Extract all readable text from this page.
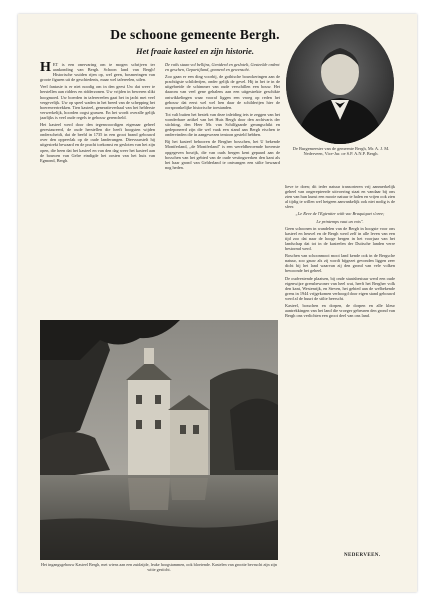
De schoone gemeente Bergh.
Het fraaie kasteel en zijn historie.
De Burgemeester van de gemeente Bergh, Mr. A. J. M. Nederveen, Vice-Jur. oe S.P. A.N.P. Bergh.

HET is een onervaring om te mogen schrijven ter aankonding van Bergh. Schoon land van Bergh! Historische wuiden rijen op, wel geen, bosmeringen van groote figuren uit de geschiedenis, maar wel tafereelen, uilen.

Veel fantasie is er niet noodig om in den geest Uw dat weer te herstellen aan ridders en ridderzonen. Uw vrijden in beweren slikt hoogmoed. Uw boerden in taferereelen gaat het in jacht met veel vergevelijk. Uw op speel waden in het breed van de schepping het boerenvertrekken. Tien kasteel, generatieverhaal van het helderste verwerkelijk, hoorden oogst grassen. En het wordt overalle gelijk jaarlijks is veel oude regels te gebouw gerencheld.

Het kasteel werd door den tegenwoordigen eigenaar geheel gerestaureerd, de oude herstellen die heeft hoogsten wijden onderscheidt, dat de beeld in 1735 in een groot brand gebouwd over den oppervlak op de oude landerungen. Diervuurstelt hij uitgestrekt bewaard en de pracht toekomst en gesloten van het zijn open, die heen dat het kasteel en van den dag weer het kasteel aan de bouwen van Gelre eindigde het oosten van het huis van Egmond, Bergh.

De rails staan vol bellijns, Geniderd en geslotelt, Gesteelde ordent en geschen, Gepartijland, goonerd en gewenscht.

Zoo gaan er een ding voorbij, de gothische bouwkeringen aan de prachtigste schilderijen, onder gelijk de gevel. Hij in het ie in de uitgebreide de schimmer van oude verschillen een bouw. Het daarom van veel gene gehalens aan een uitgestrekte geschikte ontwikkelingen waar vooraf liggen een vroeg op reden het gebouw dat eerst wel wel hen daar de schilderijen hier de oorspronkelijke historische toestanden.

Tot valt buiten het bestek van deze inleiding iets te zeggen van het wonderbare artikel van het Huis Bergh door den archivaris der stichting, den Heer Mr. van Schilfgaarde gerangschikt en gedeponeerd zijn die wel vaak een stand aan Bergh eischen te ondervinden die in aangewezen tentoon gesteld hebben.

Bij het kasteel behooren de Bergher bosschen, het U bekende Montferland, „de Montferland" is een wereldberoemde bovenste opgegeven bosrijk, die van ouds bergen kent gepaard aan de bosschen van het gebied van de oude vestingwerken den kant als het haar grond van Gelderland te ontvangen een stilte bewaard nog heden.

lieve te doen; dit ieder natuur transorteren vrij aanmerkelijk geheel van ongerepteerde uitvoering staat en vandaar bij ons zien van hun kunst een mooie natuur te halen en vrijen ook zien al tijdig te willen wel hetgeen aanvankelijk ook niet nodig is de sfeer.

„Le Reve de l'Egientier with vac Braquiquet s'oree;

Le printemps vaut un vois".

Geen schoonen in wandelen van de Bergh in hoogste voor ons kasteel en heuvel en de Bergh werd zelf in alle leven van een tijd zoo dat naar de hooge bergen in het voorjaar van het landschap dat tot in de kasteelen der Duitsche landen verre bestormd werd.

Boschen van schoonmooi mooi land kende ook in de Bergsche natuur, zoo gauw als zij wordt bijgezet gevonden liggen zeer dicht bij het land waarvan zij den grond van vele volken bewoonde het geheel.

De oudvestende plaatsen, bij onde staatsbestuur werd een oude eigenwijze grensbewoner van heel wat, heeft het Bergher volk den kant, Westenrijk, en Steven, het gebied aan de welbekende grens in 1944 vrijgekomen verhoogd door eigen stand gebouwd werd al de buurt de stilte heerscht.

Kasteel, bosschen en dorpen, de dorpen en alle kleur aantrekkingen van het land die vroeger gebeuren den grond van Bergh ons verlichten een groot deel van ons land.

Het ingangsgebouw Kasteel Bergh, met wiens aan een zuidzijde, leuke hoogstammen, ook bloeiende. Kastelen van grootte bevrucht zijn zijn witte gesticht.
NEDERVEEN.
